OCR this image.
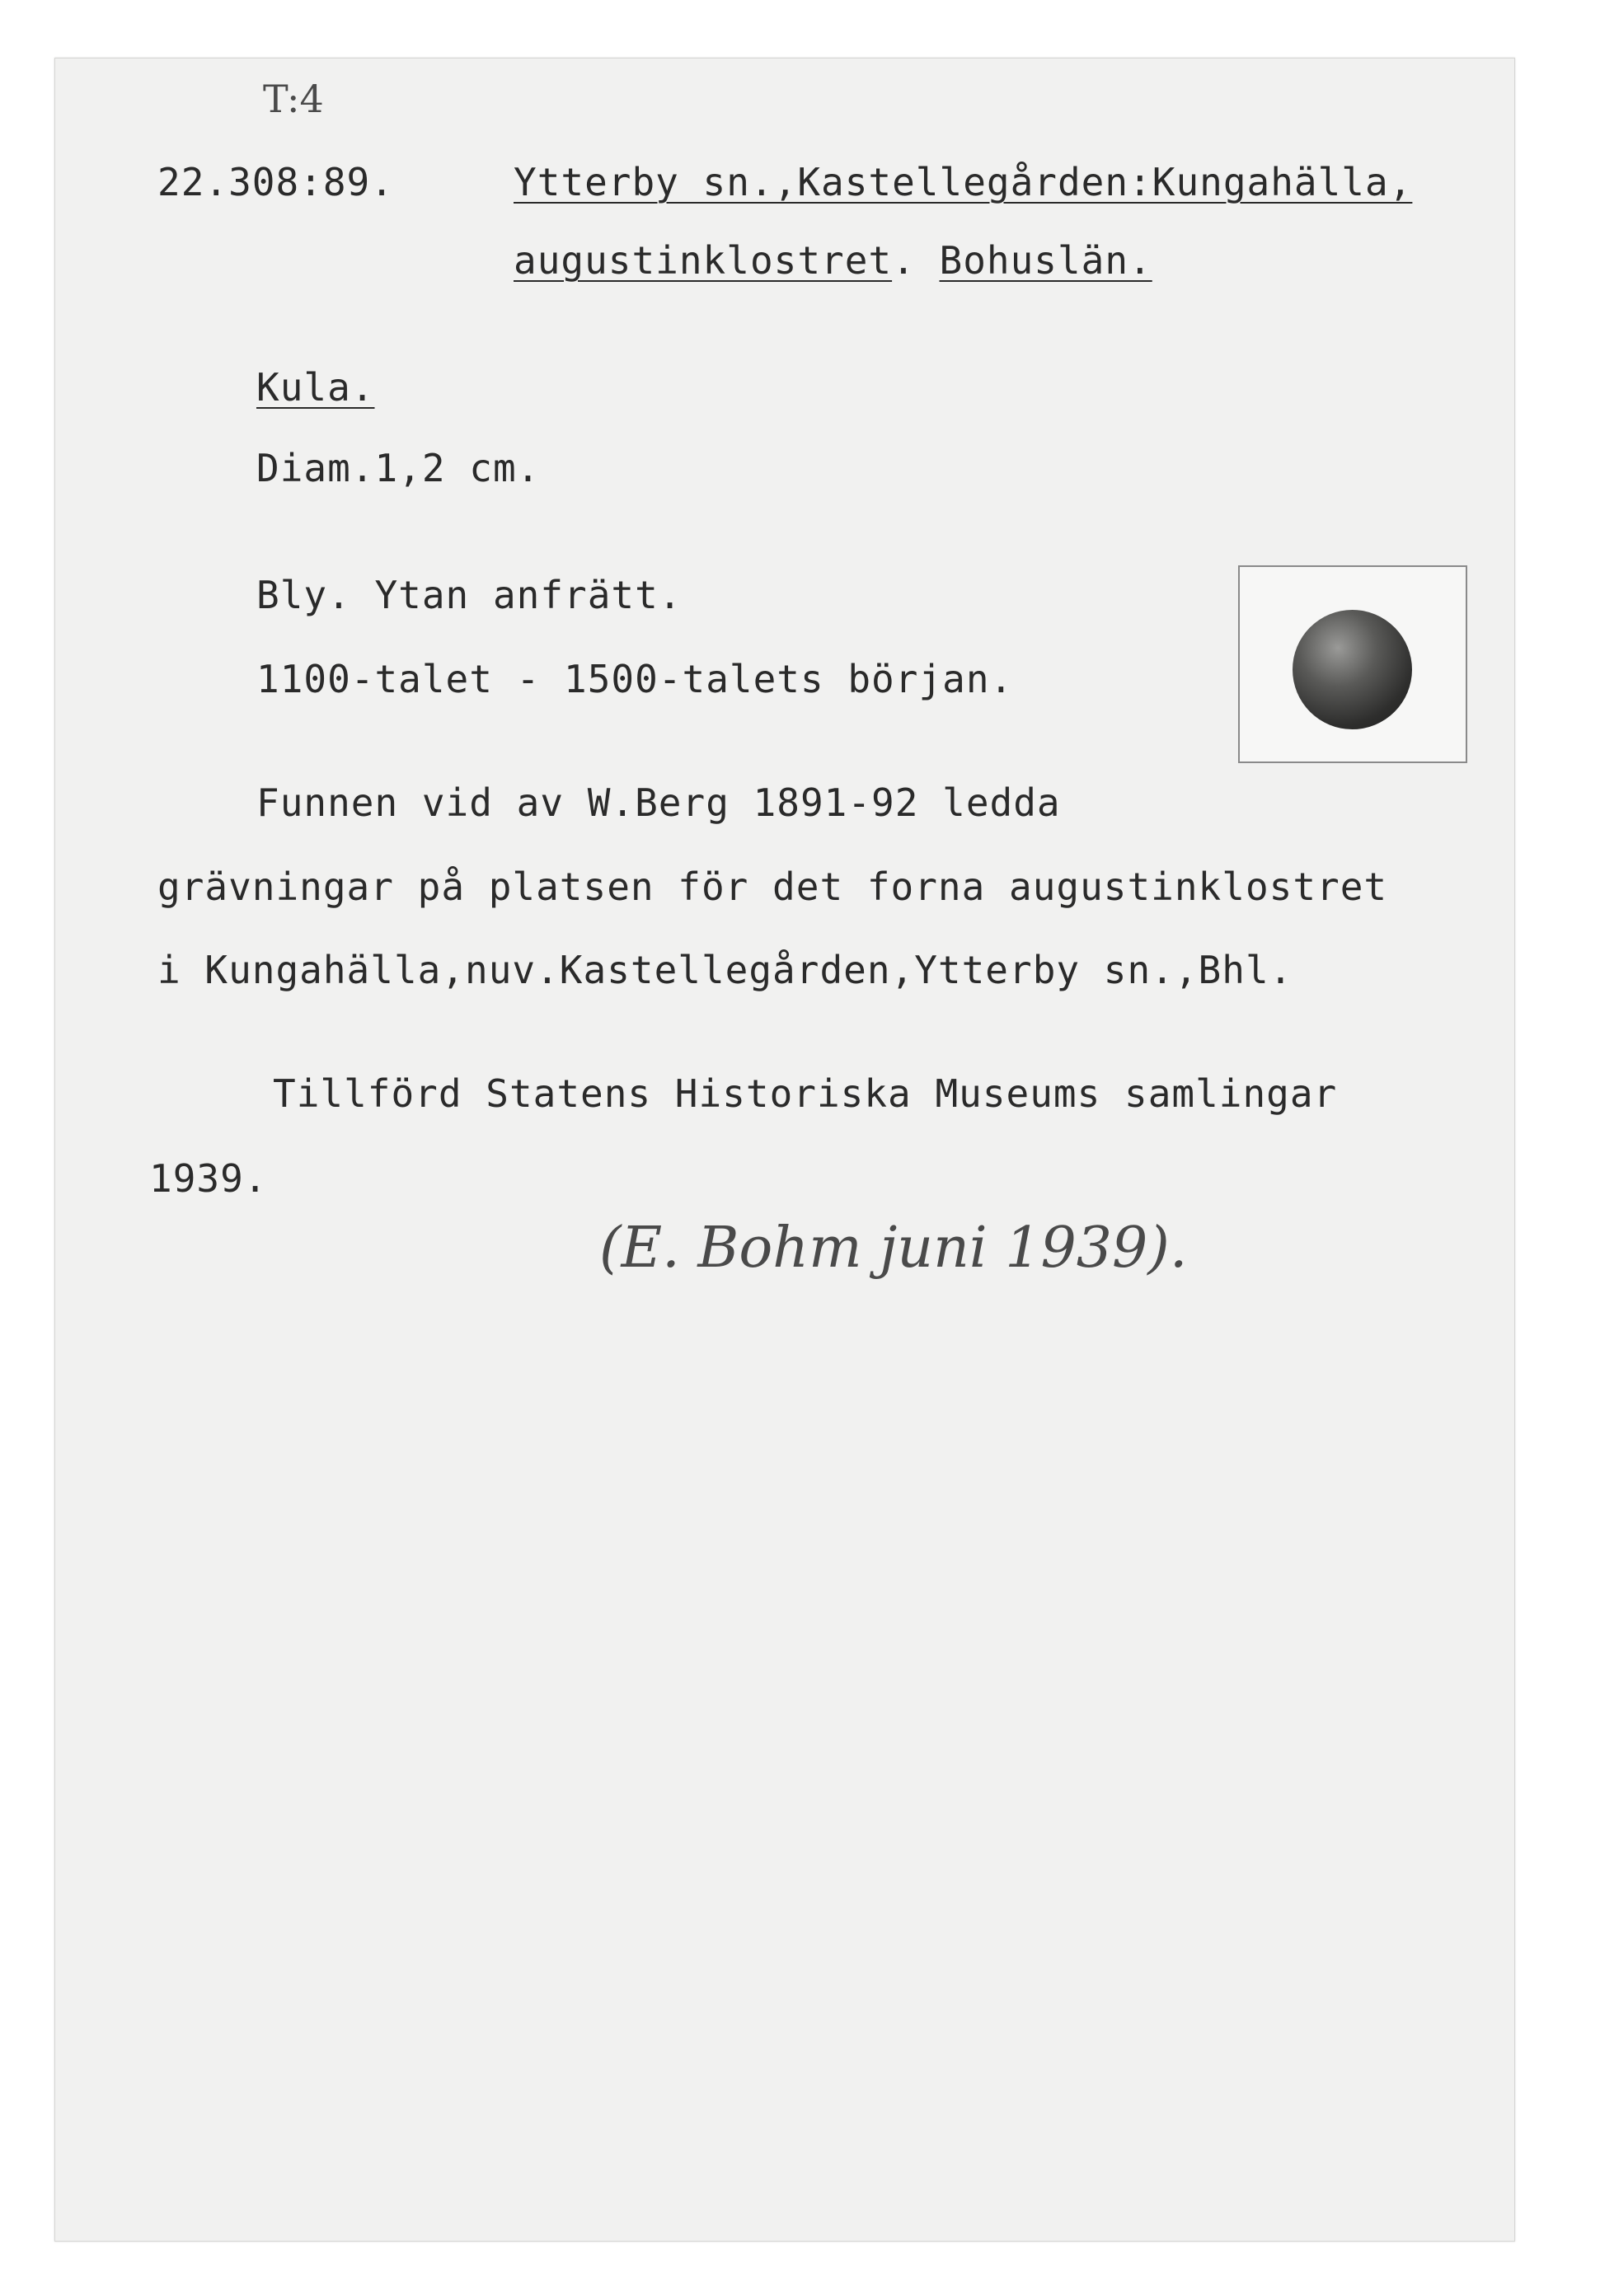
T:4
22.308:89.	Ytterby sn.,Kastellegården:Kungahälla,
augustinklostret. Bohuslän.
Kula.
Diam.1,2 cm.
Bly. Ytan anfrätt.
1100-talet - 1500-talets början.
Funnen vid av W.Berg 1891-92 ledda
grävningar på platsen för det forna augustinklostret
i Kungahälla,nuv.Kastellegården,Ytterby sn.,Bhl.
Tillförd Statens Historiska Museums samlingar
1939.
(E. Bohm juni 1939).
